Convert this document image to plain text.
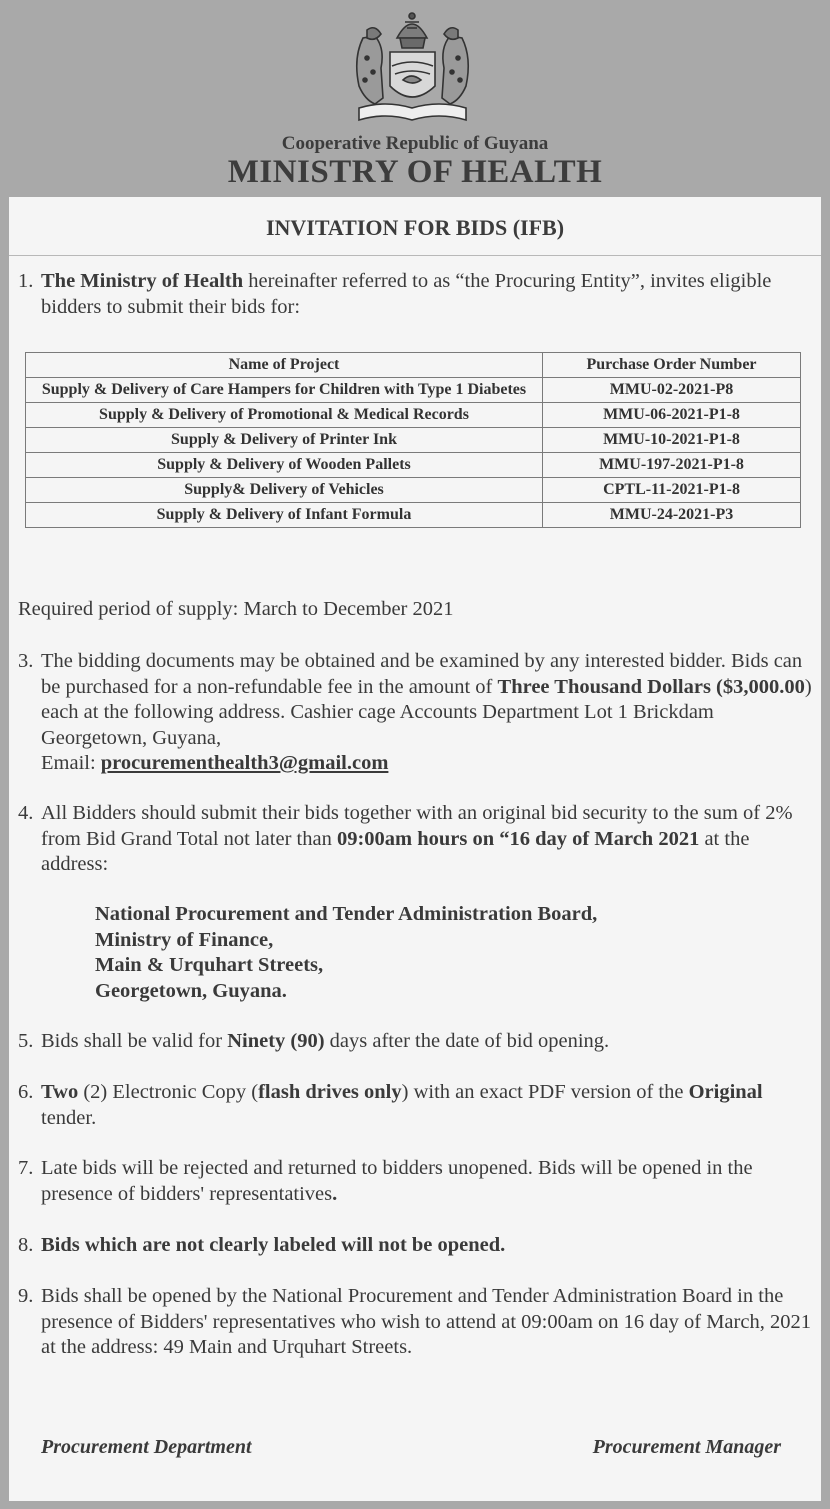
Cooperative Republic of Guyana
MINISTRY OF HEALTH
INVITATION FOR BIDS (IFB)
1. The Ministry of Health hereinafter referred to as “the Procuring Entity”, invites eligible bidders to submit their bids for:
Name of Project	Purchase Order Number
Supply & Delivery of Care Hampers for Children with Type 1 Diabetes	MMU-02-2021-P8
Supply & Delivery of Promotional & Medical Records	MMU-06-2021-P1-8
Supply & Delivery of Printer Ink	MMU-10-2021-P1-8
Supply & Delivery of Wooden Pallets	MMU-197-2021-P1-8
Supply& Delivery of Vehicles	CPTL-11-2021-P1-8
Supply & Delivery of Infant Formula	MMU-24-2021-P3
Required period of supply: March to December 2021
3. The bidding documents may be obtained and be examined by any interested bidder. Bids can be purchased for a non-refundable fee in the amount of Three Thousand Dollars ($3,000.00) each at the following address. Cashier cage Accounts Department Lot 1 Brickdam Georgetown, Guyana,
Email: procurementhealth3@gmail.com
4. All Bidders should submit their bids together with an original bid security to the sum of 2% from Bid Grand Total not later than 09:00am hours on “16 day of March 2021 at the address:
National Procurement and Tender Administration Board,
Ministry of Finance,
Main & Urquhart Streets,
Georgetown, Guyana.
5. Bids shall be valid for Ninety (90) days after the date of bid opening.
6. Two (2) Electronic Copy (flash drives only) with an exact PDF version of the Original tender.
7. Late bids will be rejected and returned to bidders unopened. Bids will be opened in the presence of bidders' representatives.
8. Bids which are not clearly labeled will not be opened.
9. Bids shall be opened by the National Procurement and Tender Administration Board in the presence of Bidders' representatives who wish to attend at 09:00am on 16 day of March, 2021 at the address: 49 Main and Urquhart Streets.
Procurement Department	Procurement Manager
